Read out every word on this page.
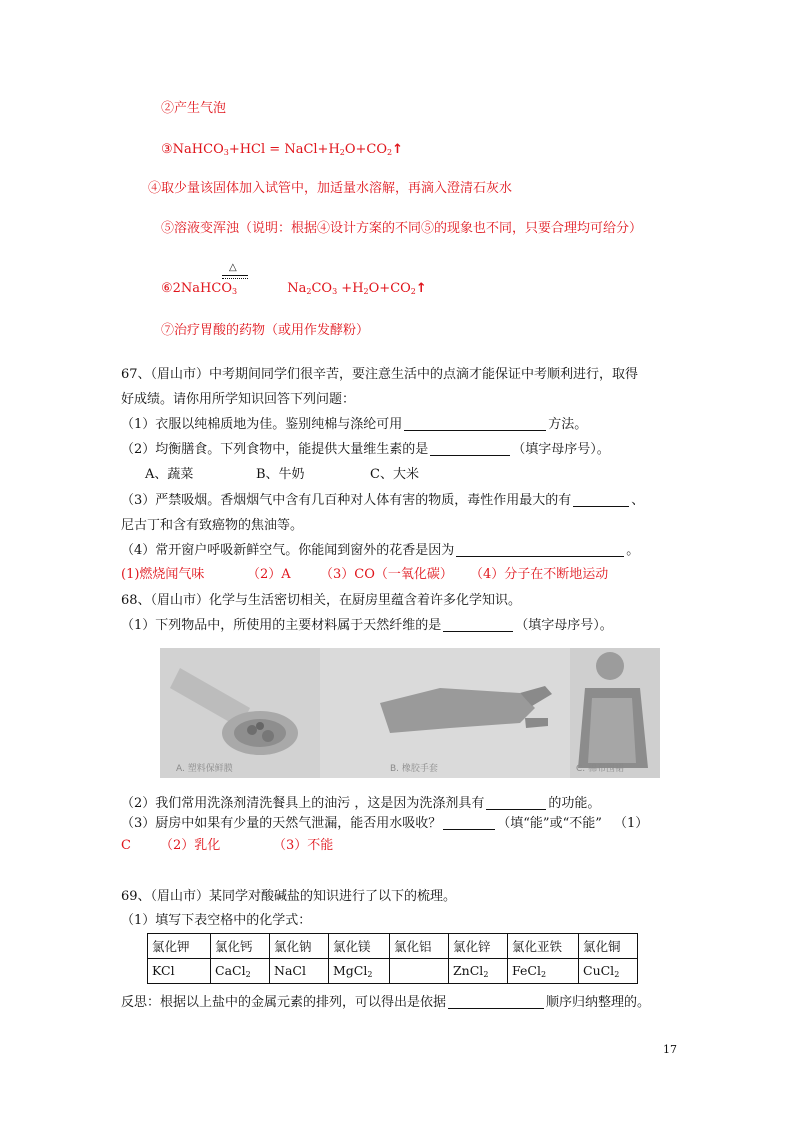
②产生气泡
③NaHCO$_3$+HCl = $NaCl+H_2O+CO_2↑$
④取少量该固体加入试管中，加适量水溶解，再滴入澄清石灰水
⑤溶液变浑浊（说明：根据④设计方案的不同⑤的现象也不同，只要合理均可给分）
△
⑥2NaHCO$_3$	$Na_2CO_3$ $+H_2O+CO_2↑$
⑦治疗胃酸的药物（或用作发酵粉）
67、（眉山市）中考期间同学们很辛苦，要注意生活中的点滴才能保证中考顺利进行，取得
好成绩。请你用所学知识回答下列问题：
（1）衣服以纯棉质地为佳。鉴别纯棉与涤纶可用	方法。
（2）均衡膳食。下列食物中，能提供大量维生素的是	（填字母序号）。
A、蔬菜	B、牛奶	C、大米
（3）严禁吸烟。香烟烟气中含有几百种对人体有害的物质，毒性作用最大的有	、
尼古丁和含有致癌物的焦油等。
（4）常开窗户呼吸新鲜空气。你能闻到窗外的花香是因为	。
(1)燃烧闻气味	（2）A （3）CO（一氧化碳） （4）分子在不断地运动
68、（眉山市）化学与生活密切相关，在厨房里蕴含着许多化学知识。
（1）下列物品中，所使用的主要材料属于天然纤维的是	（填字母序号）。
A. 塑料保鲜膜	B. 橡胶手套	C. 棉布围裙
（2）我们常用洗涤剂清洗餐具上的油污 ，这是因为洗涤剂具有	的功能。
（3）厨房中如果有少量的天然气泄漏，能否用水吸收？	（填“能”或“不能” （1）
C （2）乳化	（3）不能
69、（眉山市）某同学对酸碱盐的知识进行了以下的梳理。
（1）填写下表空格中的化学式：
氯化钾	氯化钙	氯化钠	氯化镁	氯化铝	氯化锌	氯化亚铁	氯化铜
KCl	CaCl$_2$	NaCl	MgCl$_2$		ZnCl$_2$	FeCl$_2$	CuCl$_2$
反思：根据以上盐中的金属元素的排列，可以得出是依据	顺序归纳整理的。
17
